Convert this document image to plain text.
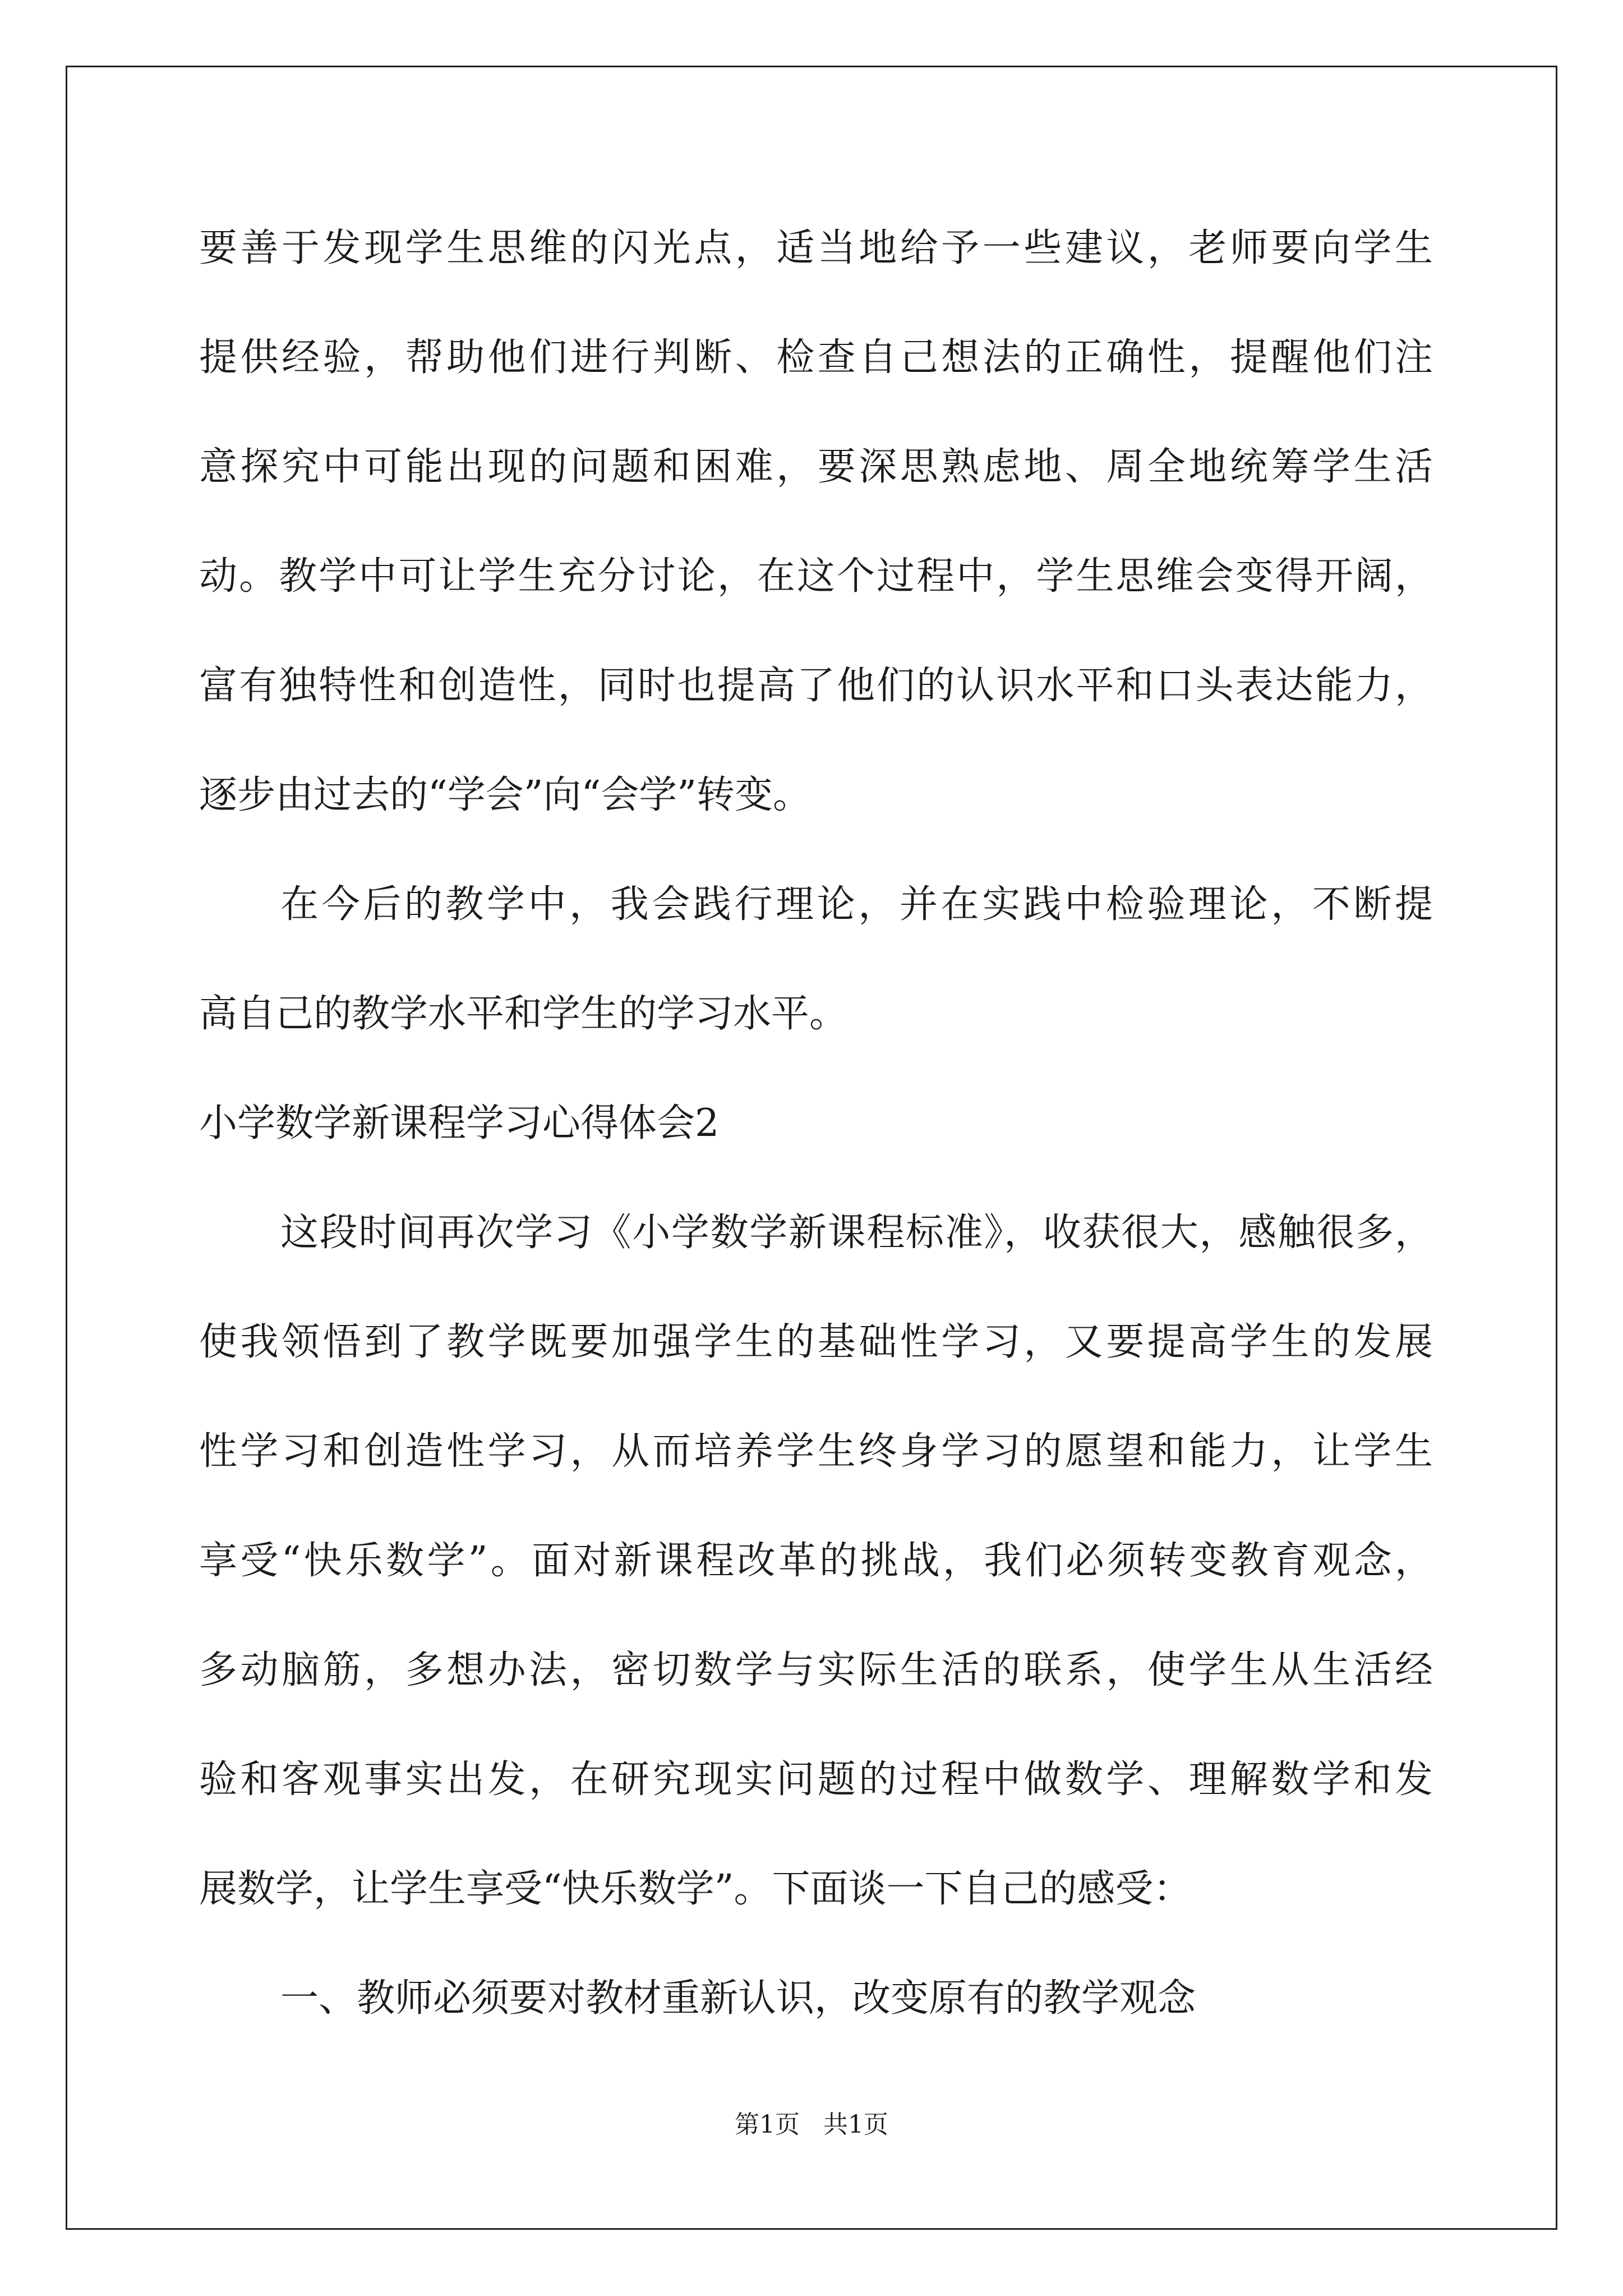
要善于发现学生思维的闪光点，适当地给予一些建议，老师要向学生
提供经验，帮助他们进行判断、检查自己想法的正确性，提醒他们注
意探究中可能出现的问题和困难，要深思熟虑地、周全地统筹学生活
动。教学中可让学生充分讨论，在这个过程中，学生思维会变得开阔，
富有独特性和创造性，同时也提高了他们的认识水平和口头表达能力，
逐步由过去的“学会”向“会学”转变。
在今后的教学中，我会践行理论，并在实践中检验理论，不断提
高自己的教学水平和学生的学习水平。
小学数学新课程学习心得体会2
这段时间再次学习《小学数学新课程标准》，收获很大，感触很多，
使我领悟到了教学既要加强学生的基础性学习，又要提高学生的发展
性学习和创造性学习，从而培养学生终身学习的愿望和能力，让学生
享受“快乐数学”。面对新课程改革的挑战，我们必须转变教育观念，
多动脑筋，多想办法，密切数学与实际生活的联系，使学生从生活经
验和客观事实出发，在研究现实问题的过程中做数学、理解数学和发
展数学，让学生享受“快乐数学”。下面谈一下自己的感受：
一、教师必须要对教材重新认识，改变原有的教学观念
第1页   共1页
